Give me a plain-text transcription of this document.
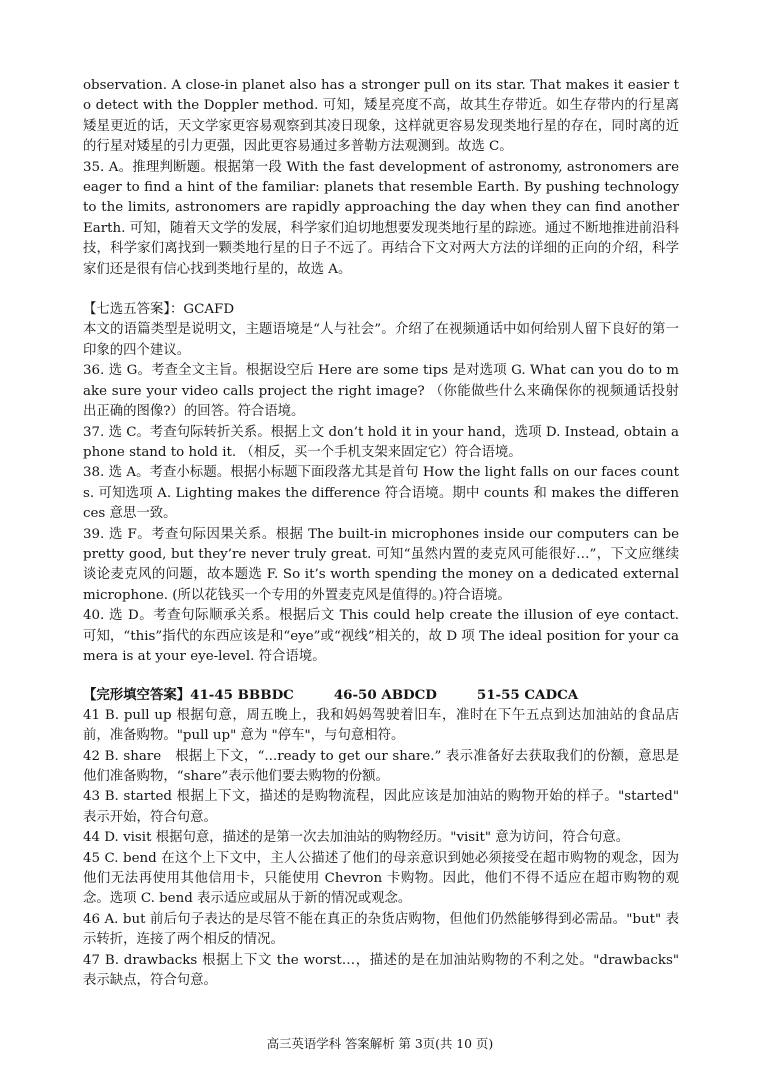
observation. A close-in planet also has a stronger pull on its star. That makes it easier to detect with the Doppler method. 可知，矮星亮度不高，故其生存带近。如生存带内的行星离矮星更近的话，天文学家更容易观察到其凌日现象，这样就更容易发现类地行星的存在，同时离的近的行星对矮星的引力更强，因此更容易通过多普勒方法观测到。故选 C。

35. A。推理判断题。根据第一段 With the fast development of astronomy, astronomers are eager to find a hint of the familiar: planets that resemble Earth. By pushing technology to the limits, astronomers are rapidly approaching the day when they can find another Earth. 可知，随着天文学的发展，科学家们迫切地想要发现类地行星的踪迹。通过不断地推进前沿科技，科学家们离找到一颗类地行星的日子不远了。再结合下文对两大方法的详细的正向的介绍，科学家们还是很有信心找到类地行星的，故选 A。

【七选五答案】：GCAFD

本文的语篇类型是说明文，主题语境是“人与社会”。介绍了在视频通话中如何给别人留下良好的第一印象的四个建议。

36. 选 G。考查全文主旨。根据设空后 Here are some tips 是对选项 G. What can you do to make sure your video calls project the right image? （你能做些什么来确保你的视频通话投射出正确的图像?）的回答。符合语境。

37. 选 C。考查句际转折关系。根据上文 don’t hold it in your hand，选项 D. Instead, obtain a phone stand to hold it. （相反，买一个手机支架来固定它）符合语境。

38. 选 A。考查小标题。根据小标题下面段落尤其是首句 How the light falls on our faces counts. 可知选项 A. Lighting makes the difference 符合语境。期中 counts 和 makes the differences 意思一致。

39. 选 F。考查句际因果关系。根据 The built-in microphones inside our computers can be pretty good, but they’re never truly great. 可知“虽然内置的麦克风可能很好…”，下文应继续谈论麦克风的问题，故本题选 F. So it’s worth spending the money on a dedicated external microphone. (所以花钱买一个专用的外置麦克风是值得的。)符合语境。

40. 选 D。考查句际顺承关系。根据后文 This could help create the illusion of eye contact. 可知，“this”指代的东西应该是和“eye”或“视线”相关的，故 D 项 The ideal position for your camera is at your eye-level. 符合语境。

【完形填空答案】41-45 BBBDC	46-50 ABDCD	51-55 CADCA

41 B. pull up 根据句意，周五晚上，我和妈妈驾驶着旧车，准时在下午五点到达加油站的食品店前，准备购物。"pull up" 意为 "停车"，与句意相符。

42 B. share　根据上下文，“...ready to get our share.” 表示准备好去获取我们的份额，意思是他们准备购物，“share”表示他们要去购物的份额。

43 B. started 根据上下文，描述的是购物流程，因此应该是加油站的购物开始的样子。"started" 表示开始，符合句意。

44 D. visit 根据句意，描述的是第一次去加油站的购物经历。"visit" 意为访问，符合句意。

45 C. bend 在这个上下文中，主人公描述了他们的母亲意识到她必须接受在超市购物的观念，因为他们无法再使用其他信用卡，只能使用 Chevron 卡购物。因此，他们不得不适应在超市购物的观念。选项 C. bend 表示适应或屈从于新的情况或观念。

46 A. but 前后句子表达的是尽管不能在真正的杂货店购物，但他们仍然能够得到必需品。"but" 表示转折，连接了两个相反的情况。

47 B. drawbacks 根据上下文 the worst…，描述的是在加油站购物的不利之处。"drawbacks" 表示缺点，符合句意。

高三英语学科 答案解析 第 3页(共 10 页)
